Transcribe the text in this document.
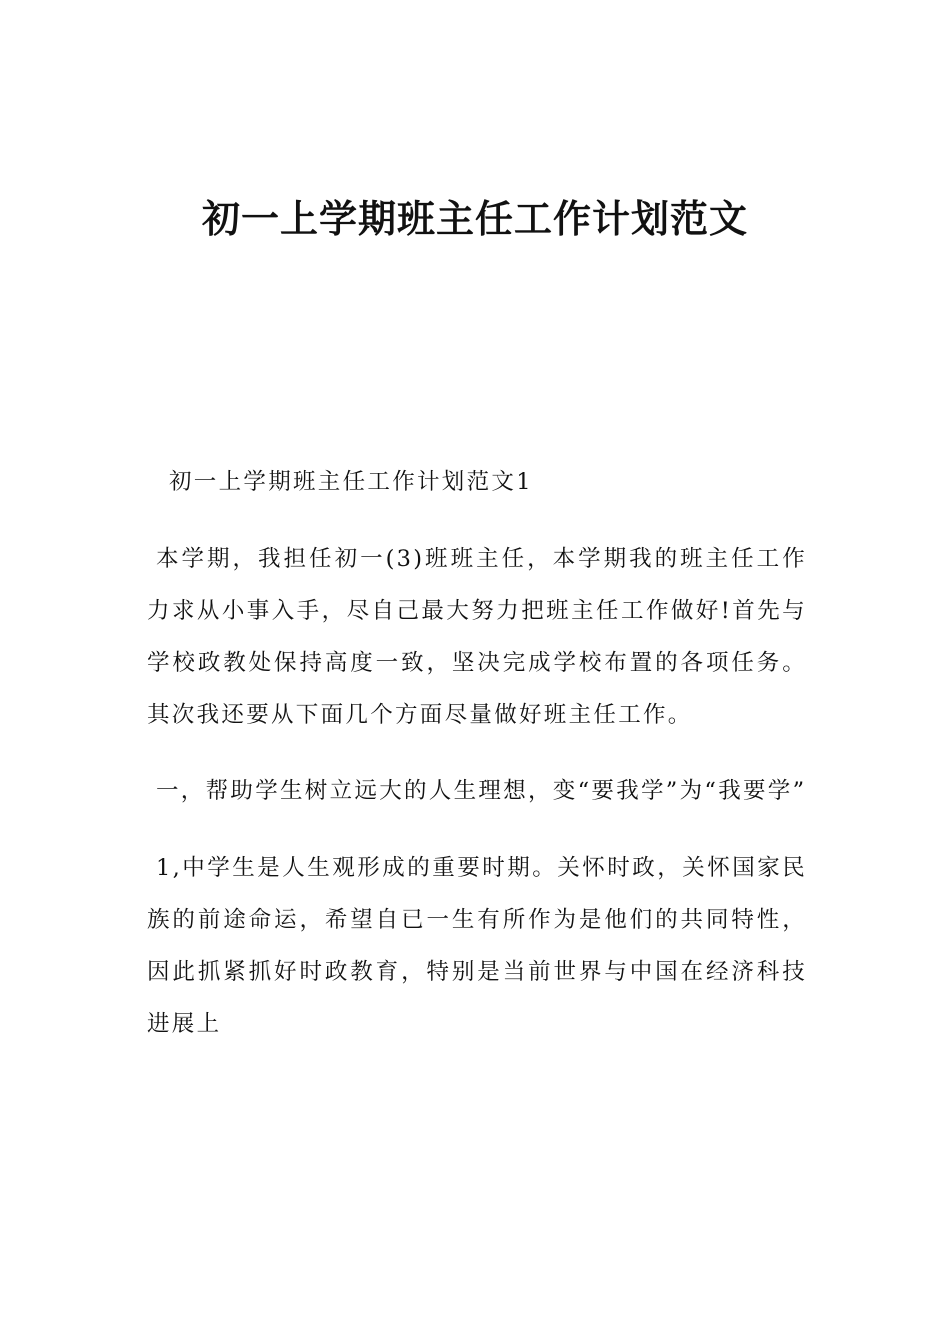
初一上学期班主任工作计划范文

初一上学期班主任工作计划范文1

本学期，我担任初一(3)班班主任，本学期我的班主任工作力求从小事入手，尽自己最大努力把班主任工作做好!首先与学校政教处保持高度一致，坚决完成学校布置的各项任务。其次我还要从下面几个方面尽量做好班主任工作。

一，帮助学生树立远大的人生理想，变“要我学”为“我要学”

1,中学生是人生观形成的重要时期。关怀时政，关怀国家民族的前途命运，希望自已一生有所作为是他们的共同特性，因此抓紧抓好时政教育，特别是当前世界与中国在经济科技进展上
